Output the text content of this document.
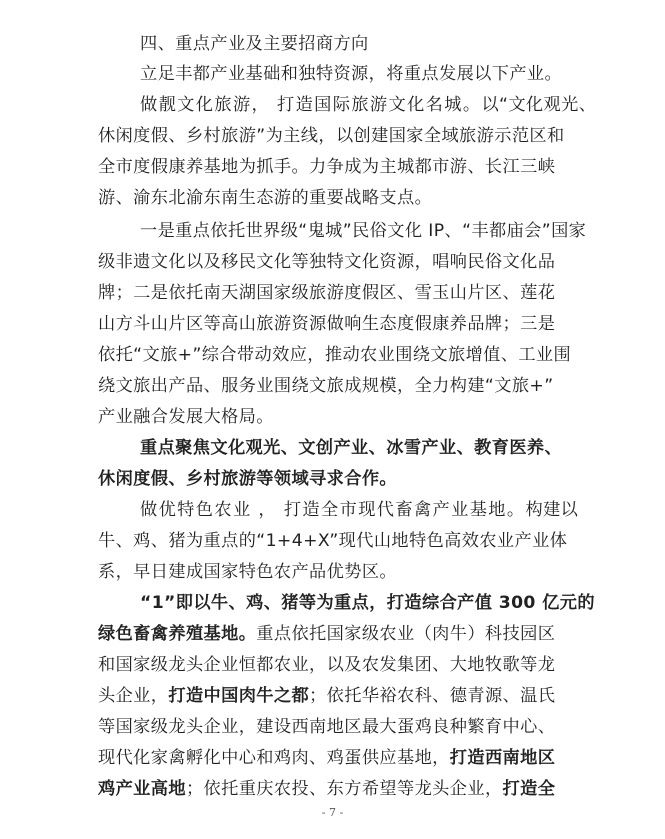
四、重点产业及主要招商方向
立足丰都产业基础和独特资源，将重点发展以下产业。
做靓文化旅游， 打造国际旅游文化名城。以“文化观光、
休闲度假、乡村旅游”为主线，以创建国家全域旅游示范区和
全市度假康养基地为抓手。力争成为主城都市游、长江三峡
游、渝东北渝东南生态游的重要战略支点。
一是重点依托世界级“鬼城”民俗文化 IP、“丰都庙会”国家
级非遗文化以及移民文化等独特文化资源，唱响民俗文化品
牌；二是依托南天湖国家级旅游度假区、雪玉山片区、莲花
山方斗山片区等高山旅游资源做响生态度假康养品牌；三是
依托“文旅+”综合带动效应，推动农业围绕文旅增值、工业围
绕文旅出产品、服务业围绕文旅成规模，全力构建“文旅+”
产业融合发展大格局。
重点聚焦文化观光、文创产业、冰雪产业、教育医养、
休闲度假、乡村旅游等领域寻求合作。
做优特色农业 ， 打造全市现代畜禽产业基地。构建以
牛、鸡、猪为重点的“1+4+X”现代山地特色高效农业产业体
系，早日建成国家特色农产品优势区。
“1”即以牛、鸡、猪等为重点，打造综合产值 300 亿元的
绿色畜禽养殖基地。重点依托国家级农业（肉牛）科技园区
和国家级龙头企业恒都农业，以及农发集团、大地牧歌等龙
头企业，打造中国肉牛之都；依托华裕农科、德青源、温氏
等国家级龙头企业，建设西南地区最大蛋鸡良种繁育中心、
现代化家禽孵化中心和鸡肉、鸡蛋供应基地，打造西南地区
鸡产业高地；依托重庆农投、东方希望等龙头企业，打造全
- 7 -
